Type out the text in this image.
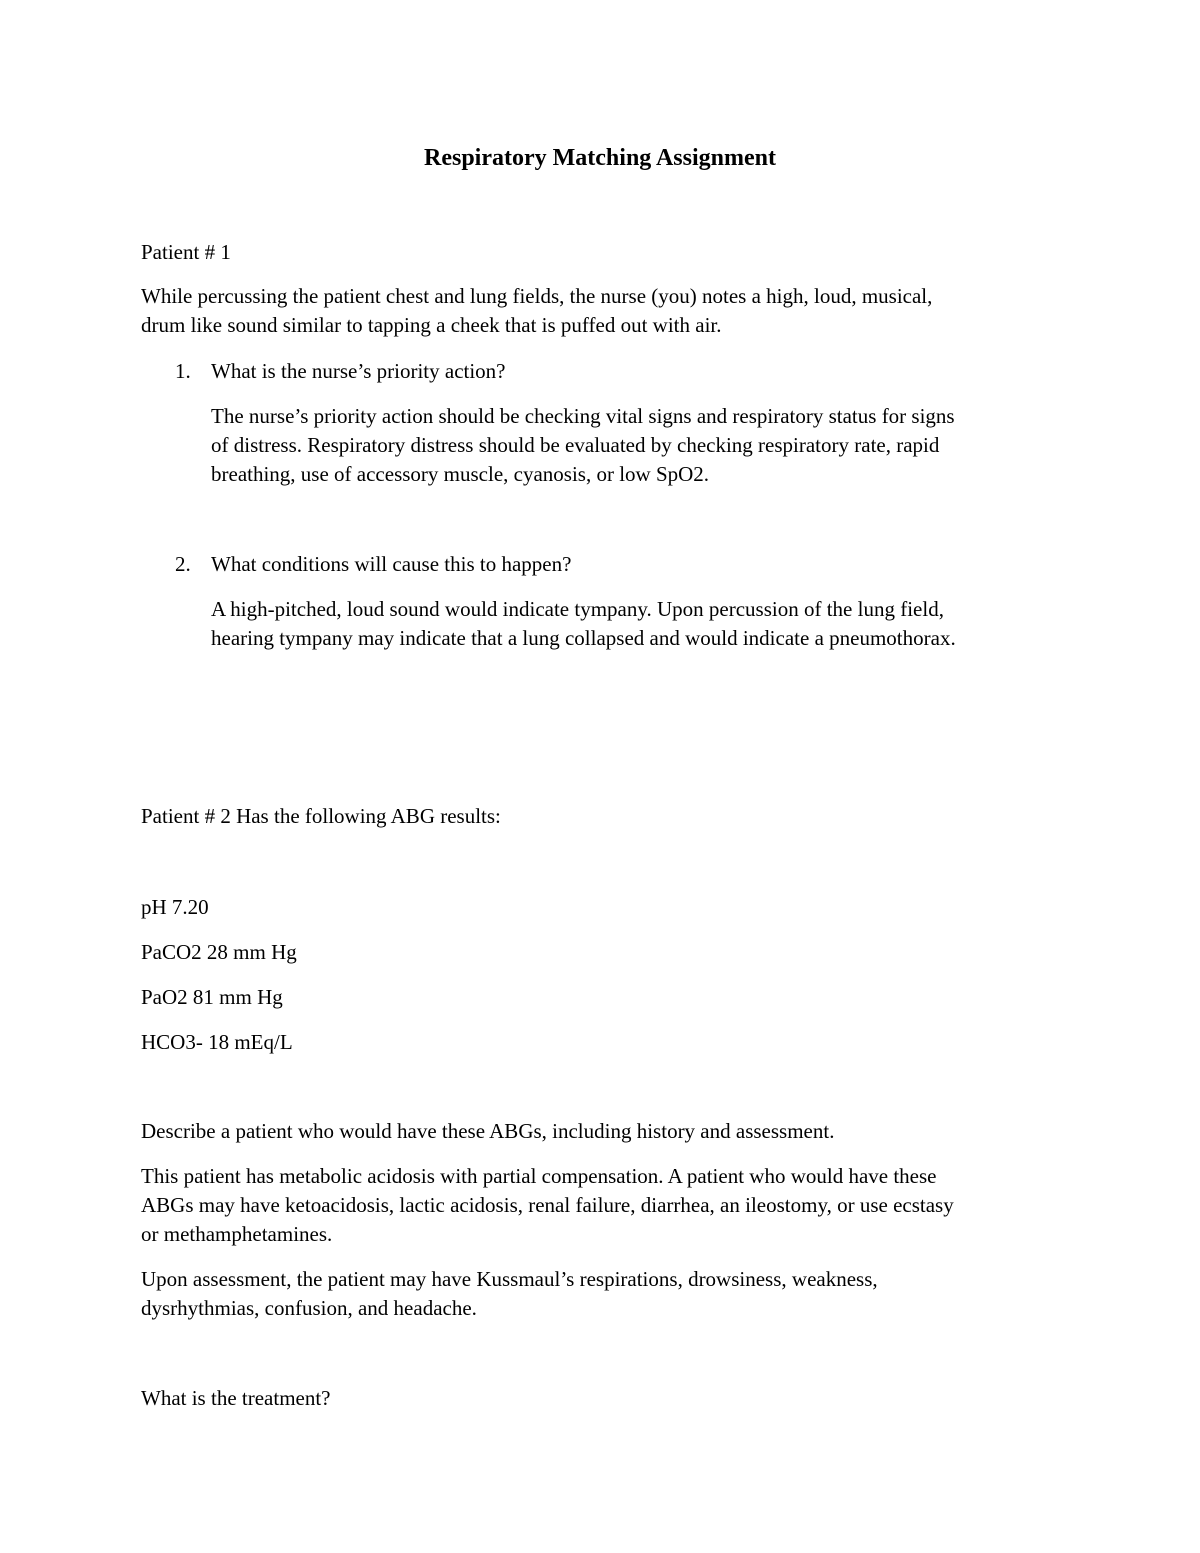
Respiratory Matching Assignment
Patient # 1
While percussing the patient chest and lung fields, the nurse (you) notes a high, loud, musical,
drum like sound similar to tapping a cheek that is puffed out with air.
1. What is the nurse’s priority action?
The nurse’s priority action should be checking vital signs and respiratory status for signs
of distress. Respiratory distress should be evaluated by checking respiratory rate, rapid
breathing, use of accessory muscle, cyanosis, or low SpO2.
2. What conditions will cause this to happen?
A high-pitched, loud sound would indicate tympany. Upon percussion of the lung field,
hearing tympany may indicate that a lung collapsed and would indicate a pneumothorax.
Patient # 2 Has the following ABG results:
pH 7.20
PaCO2 28 mm Hg
PaO2 81 mm Hg
HCO3- 18 mEq/L
Describe a patient who would have these ABGs, including history and assessment.
This patient has metabolic acidosis with partial compensation. A patient who would have these
ABGs may have ketoacidosis, lactic acidosis, renal failure, diarrhea, an ileostomy, or use ecstasy
or methamphetamines.
Upon assessment, the patient may have Kussmaul’s respirations, drowsiness, weakness,
dysrhythmias, confusion, and headache.
What is the treatment?
